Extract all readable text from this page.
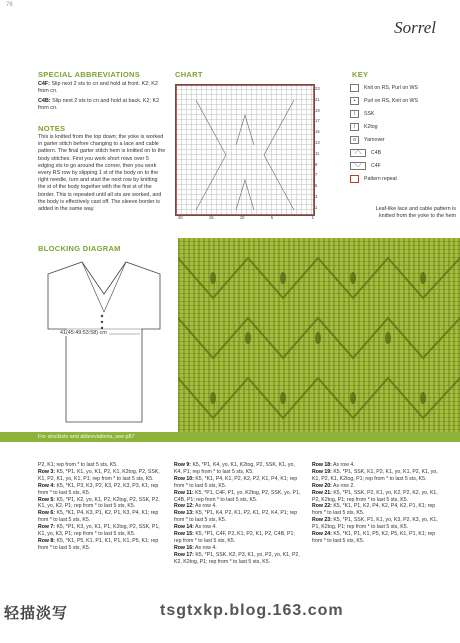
76
Sorrel
SPECIAL ABBREVIATIONS
C4F: Slip next 2 sts to cn and hold at front. K2; K2 from cn.
C4B: Slip next 2 sts to cn and hold at back. K2; K2 from cn.
NOTES
This is knitted from the top down; the yoke is worked in garter stitch before changing to a lace and cable pattern. The final garter stitch hem is knitted on to the body stitches. First you work short rows over 5 edging sts to go around the corner, then you work every RS row by slipping 1 st of the body on to the right needle, turn and start the next row by knitting the st of the body together with the first st of the border. This is repeated until all sts are worked, and the body is effectively cast off. The sleeve border is added in the same way.
BLOCKING DIAGRAM
41(45:49:53:58) cm
CHART
23
21
19
17
15
13
11
9
7
5
3
1
20	15	10	5	1
KEY
Knit on RS, Purl on WS
•	Purl on RS, Knit on WS
\	SSK
/	K2tog
o	Yarnover
⟋⟍	C4B
⟍⟋	C4F
Pattern repeat
Leaf-like lace and cable pattern is knitted from the yoke to the hem
For stockists and abbreviations, see p87
P2, K1; rep from * to last 5 sts, K5.
Row 3: K5, *P1, K1, yo, K1, P2, K1, K2tog, P2, SSK, K1, P2, K1, yo, K1, P1; rep from * to last 5 sts, K5.
Row 4: K5, *K1, P3, K3, P2, K3, P2, K3, P3, K1; rep from * to last 5 sts, K5.
Row 5: K5, *P1, K2, yo, K1, P2, K2tog, P2, SSK, P2, K1, yo, K2, P1; rep from * to last 5 sts, K5.
Row 6: K5, *K1, P4, K3, P1, K2, P1, K3, P4, K1; rep from * to last 5 sts, K5.
Row 7: K5, *P1, K3, yo, K1, P1, K2tog, P2, SSK, P1, K1, yo, K3, P1; rep from * to last 5 sts, K5.
Row 8: K5, *K1, P5, K1, P1, K1, P1, K1, P5, K1; rep from * to last 5 sts, K5.
Row 9: K5, *P1, K4, yo, K1, K2tog, P2, SSK, K1, yo, K4, P1; rep from * to last 5 sts, K5.
Row 10: K5, *K1, P4, K1, P2, K2, P2, K1, P4, K1; rep from * to last 5 sts, K5.
Row 11: K5, *P1, C4F, P1, yo, K2tog, P2, SSK, yo, P1, C4B, P1; rep from * to last 5 sts, K5.
Row 12: As row 4.
Row 13: K5, *P1, K4, P2, K1, P2, K1, P2, K4, P1; rep from * to last 5 sts, K5.
Row 14: As row 4.
Row 15: K5, *P1, C4F, P2, K1, P2, K1, P2, C4B, P1; rep from * to last 5 sts, K5.
Row 16: As row 4.
Row 17: K5, *P1, SSK, K2, P3, K1, yo, P2, yo, K1, P2, K2, K2tog, P1; rep from * to last 5 sts, K5.
Row 18: As row 4.
Row 19: K5, *P1, SSK, K1, P2, K1, yo, K1, P2, K1, yo, K1, P2, K1, K2tog, P1; rep from * to last 5 sts, K5.
Row 20: As row 2.
Row 21: K5, *P1, SSK, P2, K1, yo, K2, P2, K2, yo, K1, P2, K2tog, P1; rep from * to last 5 sts, K5.
Row 22: K5, *K1, P1, K2, P4, K2, P4, K2, P1, K1; rep from * to last 5 sts, K5.
Row 23: K5, *P1, SSK, P1, K1, yo, K3, P2, K3, yo, K1, P1, K2tog, P1; rep from * to last 5 sts, K5.
Row 24: K5, *K1, P1, K1, P5, K2, P5, K1, P1, K1; rep from * to last 5 sts, K5.
轻描淡写	tsgtxkp.blog.163.com
